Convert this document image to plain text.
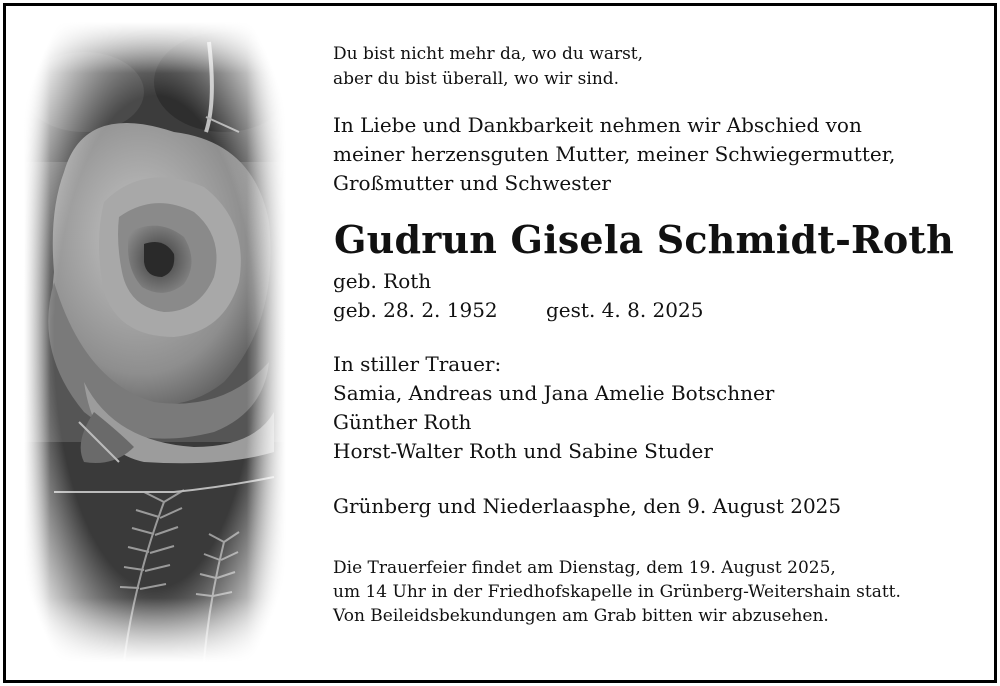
Du bist nicht mehr da, wo du warst,
aber du bist überall, wo wir sind.

In Liebe und Dankbarkeit nehmen wir Abschied von
meiner herzensguten Mutter, meiner Schwiegermutter,
Großmutter und Schwester

Gudrun Gisela Schmidt-Roth
geb. Roth
geb. 28. 2. 1952 gest. 4. 8. 2025
In stiller Trauer:
Samia, Andreas und Jana Amelie Botschner
Günther Roth
Horst-Walter Roth und Sabine Studer
Grünberg und Niederlaasphe, den 9. August 2025

Die Trauerfeier findet am Dienstag, dem 19. August 2025,
um 14 Uhr in der Friedhofskapelle in Grünberg-Weitershain statt.
Von Beileidsbekundungen am Grab bitten wir abzusehen.
